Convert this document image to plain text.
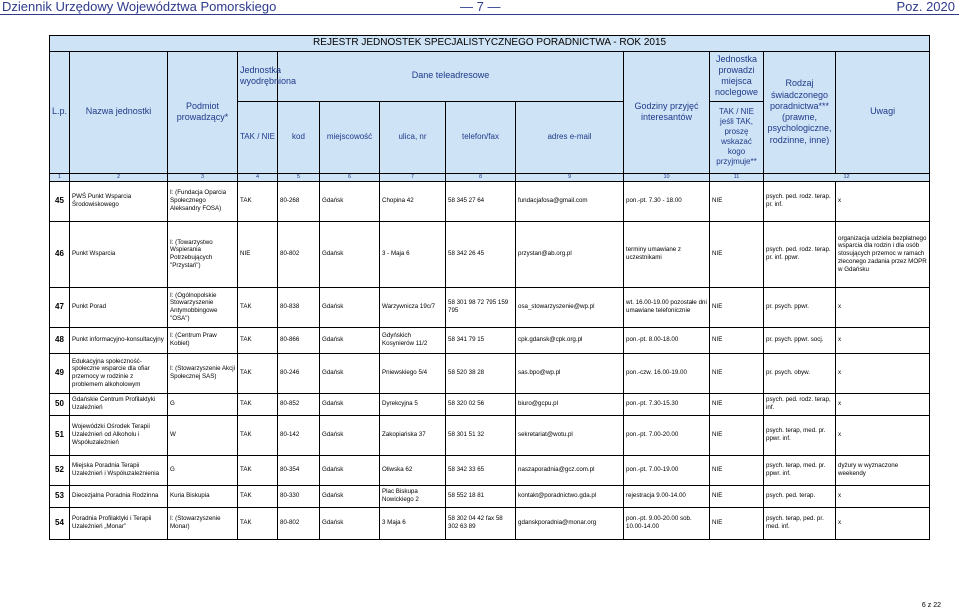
Dziennik Urzędowy Województwa Pomorskiego	— 7 —	Poz. 2020
REJESTR JEDNOSTEK SPECJALISTYCZNEGO PORADNICTWA - ROK 2015												
L.p.	Nazwa jednostki	Podmiot prowadzący*	Jednostka wyodrębniona	Dane teleadresowe					Godziny przyjęć interesantów	Jednostka prowadzi miejsca noclegowe	Rodzaj świadczonego poradnictwa*** (prawne, psychologiczne, rodzinne, inne)	Uwagi
			TAK / NIE	kod	miejscowość	ulica, nr	telefon/fax	adres e-mail		TAK / NIE jeśli TAK, proszę wskazać kogo przyjmuje**		
1	2	3	4	5	6	7	8	9	10	11	12	
45	PWŚ Punkt Wsparcia Środowiskowego	I: (Fundacja Oparcia Społecznego Aleksandry FOSA)	TAK	80-268	Gdańsk	Chopina 42	58 345 27 64	fundacjafosa@gmail.com	pon.-pt. 7.30 - 18.00	NIE	psych. ped. rodz. terap. pr. inf.	x
46	Punkt Wsparcia	I: (Towarzystwo Wspierania Potrzebujących "Przystań")	NIE	80-802	Gdańsk	3 - Maja 6	58 342 26 45	przystan@ab.org.pl	terminy umawiane z uczestnikami	NIE	psych. ped. rodz. terap. pr. inf. ppwr.	organizacja udziela bezpłatnego wsparcia dla rodzin i dla osób stosujących przemoc w ramach zleconego zadania przez MOPR w Gdańsku
47	Punkt Porad	I: (Ogólnopolskie Stowarzyszenie Antymobbingowe "OSA")	TAK	80-838	Gdańsk	Warzywnicza 19c/7	58 301 98 72 795 159 795	osa_stowarzyszenie@wp.pl	wt. 16.00-19.00 pozostałe dni umawiane telefonicznie	NIE	pr. psych. ppwr.	x
48	Punkt informacyjno-konsultacyjny	I: (Centrum Praw Kobiet)	TAK	80-866	Gdańsk	Gdyńskich Kosynierów 11/2	58 341 79 15	cpk.gdansk@cpk.org.pl	pon.-pt. 8.00-18.00	NIE	pr. psych. ppwr. socj.	x
49	Edukacyjna społeczność- społeczne wsparcie dla ofiar przemocy w rodzinie z problemem alkoholowym	I: (Stowarzyszenie Akcji Społecznej SAS)	TAK	80-246	Gdańsk	Pniewskiego 5/4	58 520 38 28	sas.bpo@wp.pl	pon.-czw. 16.00-19.00	NIE	pr. psych. obyw.	x
50	Gdańskie Centrum Profilaktyki Uzależnień	G	TAK	80-852	Gdańsk	Dyrekcyjna 5	58 320 02 56	biuro@gcpu.pl	pon.-pt. 7.30-15.30	NIE	psych. ped. rodz. terap, inf.	x
51	Wojewódzki Ośrodek Terapii Uzależnień od Alkoholu i Współuzależnień	W	TAK	80-142	Gdańsk	Zakopiańska 37	58 301 51 32	sekretariat@wotu.pl	pon.-pt. 7.00-20.00	NIE	psych. terap, med. pr. ppwr. inf.	x
52	Miejska Poradnia Terapii Uzależnień i Współuzależnienia	G	TAK	80-354	Gdańsk	Oliwska 62	58 342 33 65	naszaporadnia@gcz.com.pl	pon.-pt. 7.00-19.00	NIE	psych. terap, med. pr. ppwr. inf.	dyżury w wyznaczone weekendy
53	Diecezjalna Poradnia Rodzinna	Kuria Biskupia	TAK	80-330	Gdańsk	Plac Biskupa Nowickiego 2	58 552 18 81	kontakt@poradnictwo.gda.pl	rejestracja 9.00-14.00	NIE	psych. ped. terap.	x
54	Poradnia Profilaktyki i Terapii Uzależnień „Monar”	I: (Stowarzyszenie Monar)	TAK	80-802	Gdańsk	3 Maja 6	58 302 04 42 fax 58 302 63 89	gdanskporadnia@monar.org	pon.-pt. 9.00-20.00 sob. 10.00-14.00	NIE	psych. terap, ped. pr. med. inf.	x
6 z 22
